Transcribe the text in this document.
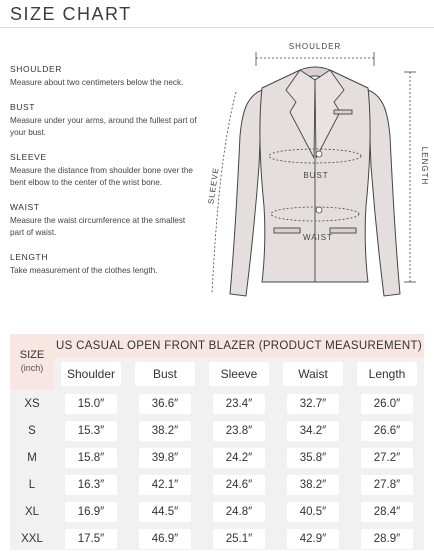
SIZE CHART
SHOULDER
Measure about two centimeters below the neck.
BUST
Measure under your arms, around the fullest part of your bust.
SLEEVE
Measure the distance from shoulder bone over the bent elbow to the center of the wrist bone.
WAIST
Measure the waist circumference at the smallest part of waist.
LENGTH
Take measurement of the clothes length.
SHOULDER
BUST
WAIST
SLEEVE
LENGTH
SIZE
(inch)	US CASUAL OPEN FRONT BLAZER (PRODUCT MEASUREMENT)				
	Shoulder	Bust	Sleeve	Waist	Length
XS	15.0″	36.6″	23.4″	32.7″	26.0″
S	15.3″	38.2″	23.8″	34.2″	26.6″
M	15.8″	39.8″	24.2″	35.8″	27.2″
L	16.3″	42.1″	24.6″	38.2″	27.8″
XL	16.9″	44.5″	24.8″	40.5″	28.4″
XXL	17.5″	46.9″	25.1″	42.9″	28.9″
